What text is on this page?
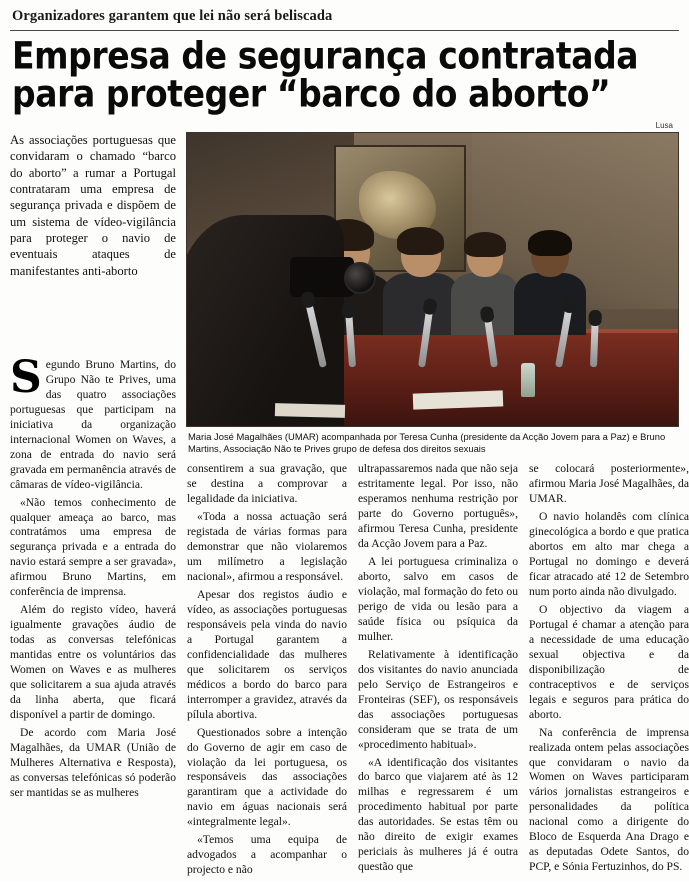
Organizadores garantem que lei não será beliscada
Empresa de segurança contratada
para proteger “barco do aborto”
Lusa
As associações portuguesas que convidaram o chamado “barco do aborto” a rumar a Portugal contrataram uma empresa de segurança privada e dispõem de um sistema de vídeo-vigilância para proteger o navio de eventuais ataques de manifestantes anti-aborto
Maria José Magalhães (UMAR) acompanhada por Teresa Cunha (presidente da Acção Jovem para a Paz) e Bruno Martins, Associação Não te Prives grupo de defesa dos direitos sexuais
S egundo Bruno Martins, do Grupo Não te Prives, uma das quatro associações portuguesas que participam na iniciativa da organização internacional Women on Waves, a zona de entrada do navio será gravada em permanência através de câmaras de vídeo-vigilância.

«Não temos conhecimento de qualquer ameaça ao barco, mas contratámos uma empresa de segurança privada e a entrada do navio estará sempre a ser gravada», afirmou Bruno Martins, em conferência de imprensa.

Além do registo vídeo, haverá igualmente gravações áudio de todas as conversas telefónicas mantidas entre os voluntários das Women on Waves e as mulheres que solicitarem a sua ajuda através da linha aberta, que ficará disponível a partir de domingo.

De acordo com Maria José Magalhães, da UMAR (União de Mulheres Alternativa e Resposta), as conversas telefónicas só poderão ser mantidas se as mulheres

consentirem a sua gravação, que se destina a comprovar a legalidade da iniciativa.

«Toda a nossa actuação será registada de várias formas para demonstrar que não violaremos um milímetro a legislação nacional», afirmou a responsável.

Apesar dos registos áudio e vídeo, as associações portuguesas responsáveis pela vinda do navio a Portugal garantem a confidencialidade das mulheres que solicitarem os serviços médicos a bordo do barco para interromper a gravidez, através da pílula abortiva.

Questionados sobre a intenção do Governo de agir em caso de violação da lei portuguesa, os responsáveis das associações garantiram que a actividade do navio em águas nacionais será «integralmente legal».

«Temos uma equipa de advogados a acompanhar o projecto e não

ultrapassaremos nada que não seja estritamente legal. Por isso, não esperamos nenhuma restrição por parte do Governo português», afirmou Teresa Cunha, presidente da Acção Jovem para a Paz.

A lei portuguesa criminaliza o aborto, salvo em casos de violação, mal formação do feto ou perigo de vida ou lesão para a saúde física ou psíquica da mulher.

Relativamente à identificação dos visitantes do navio anunciada pelo Serviço de Estrangeiros e Fronteiras (SEF), os responsáveis das associações portuguesas consideram que se trata de um «procedimento habitual».

«A identificação dos visitantes do barco que viajarem até às 12 milhas e regressarem é um procedimento habitual por parte das autoridades. Se estas têm ou não direito de exigir exames periciais às mulheres já é outra questão que

se colocará posteriormente», afirmou Maria José Magalhães, da UMAR.

O navio holandês com clínica ginecológica a bordo e que pratica abortos em alto mar chega a Portugal no domingo e deverá ficar atracado até 12 de Setembro num porto ainda não divulgado.

O objectivo da viagem a Portugal é chamar a atenção para a necessidade de uma educação sexual objectiva e da disponibilização de contraceptivos e de serviços legais e seguros para prática do aborto.

Na conferência de imprensa realizada ontem pelas associações que convidaram o navio da Women on Waves participaram vários jornalistas estrangeiros e personalidades da política nacional como a dirigente do Bloco de Esquerda Ana Drago e as deputadas Odete Santos, do PCP, e Sónia Fertuzinhos, do PS.
